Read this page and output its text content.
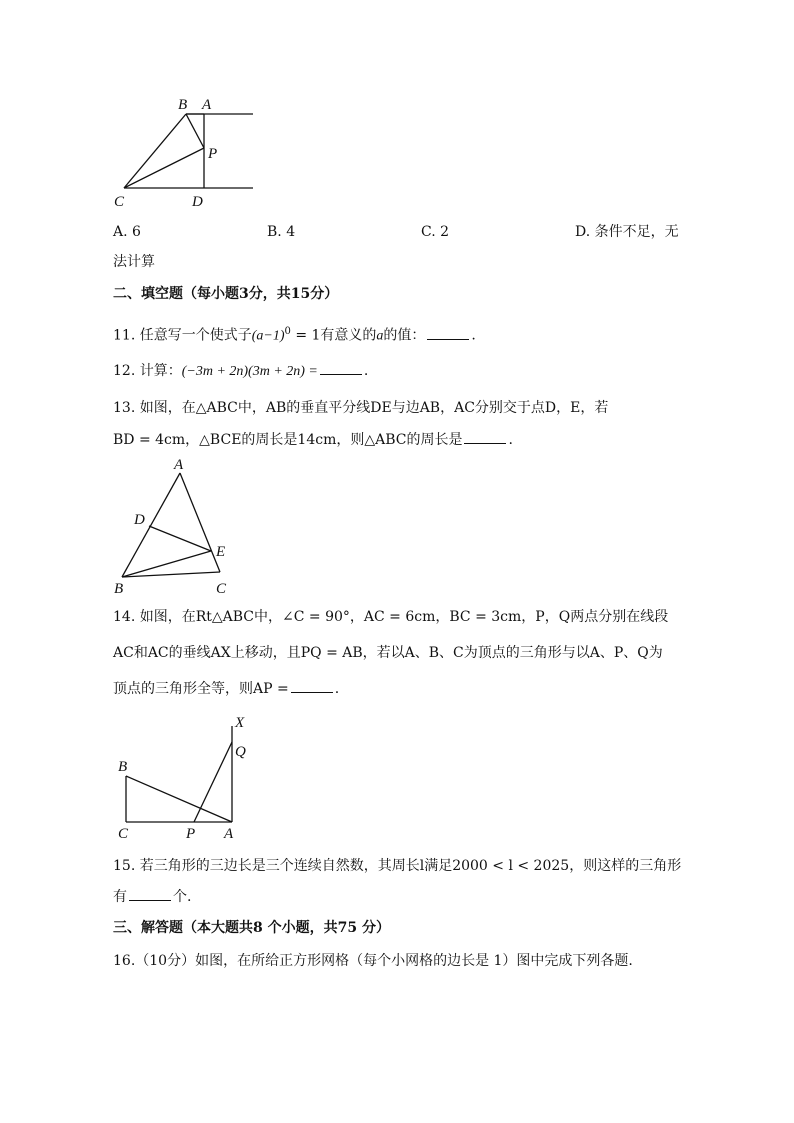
B A
P
C	D
A. 6	B. 4	C. 2	D. 条件不足，无
法计算
二、填空题（每小题3分，共15分）
11. 任意写一个使式子$(a-1)^0 = 1$有意义的a的值：	.
12. 计算：(−3m + 2n)(3m + 2n) =	.
13. 如图，在△ABC中，AB的垂直平分线DE与边AB，AC分别交于点D，E，若
BD = 4cm，△BCE的周长是14cm，则△ABC的周长是	.
A
D
E
B	C
14. 如图，在Rt△ABC中，∠C = 90°，AC = 6cm，BC = 3cm，P，Q两点分别在线段
AC和AC的垂线AX上移动，且PQ = AB，若以A、B、C为顶点的三角形与以A、P、Q为
顶点的三角形全等，则AP =	.
X
Q
B
C	P A
15. 若三角形的三边长是三个连续自然数，其周长l满足2000 < l < 2025，则这样的三角形
有	个.
三、解答题（本大题共8 个小题，共75 分）
16.（10分）如图，在所给正方形网格（每个小网格的边长是 1）图中完成下列各题.
